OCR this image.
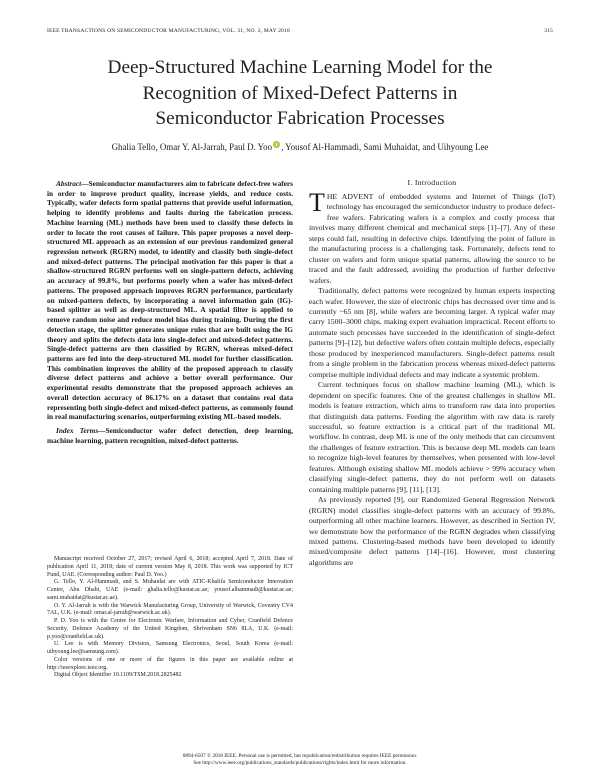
IEEE TRANSACTIONS ON SEMICONDUCTOR MANUFACTURING, VOL. 31, NO. 2, MAY 2018	315
Deep-Structured Machine Learning Model for the
Recognition of Mixed-Defect Patterns in
Semiconductor Fabrication Processes
Ghalia Tello, Omar Y. Al-Jarrah, Paul D. Yoo , Yousof Al-Hammadi, Sami Muhaidat, and Uihyoung Lee

Abstract—Semiconductor manufacturers aim to fabricate defect-free wafers in order to improve product quality, increase yields, and reduce costs. Typically, wafer defects form spatial patterns that provide useful information, helping to identify problems and faults during the fabrication process. Machine learning (ML) methods have been used to classify these defects in order to locate the root causes of failure. This paper proposes a novel deep-structured ML approach as an extension of our previous randomized general regression network (RGRN) model, to identify and classify both single-defect and mixed-defect patterns. The principal motivation for this paper is that a shallow-structured RGRN performs well on single-pattern defects, achieving an accuracy of 99.8%, but performs poorly when a wafer has mixed-defect patterns. The proposed approach improves RGRN performance, particularly on mixed-pattern defects, by incorporating a novel information gain (IG)-based splitter as well as deep-structured ML. A spatial filter is applied to remove random noise and reduce model bias during training. During the first detection stage, the splitter generates unique rules that are built using the IG theory and splits the defects data into single-defect and mixed-defect patterns. Single-defect patterns are then classified by RGRN, whereas mixed-defect patterns are fed into the deep-structured ML model for further classification. This combination improves the ability of the proposed approach to classify diverse defect patterns and achieve a better overall performance. Our experimental results demonstrate that the proposed approach achieves an overall detection accuracy of 86.17% on a dataset that contains real data representing both single-defect and mixed-defect patterns, as commonly found in real manufacturing scenarios, outperforming existing ML-based models.

Index Terms—Semiconductor wafer defect detection, deep learning, machine learning, pattern recognition, mixed-defect patterns.

Manuscript received October 27, 2017; revised April 6, 2018; accepted April 7, 2018. Date of publication April 11, 2018; date of current version May 8, 2018. This work was supported by ICT Fund, UAE. (Corresponding author: Paul D. Yoo.)

G. Tello, Y. Al-Hammadi, and S. Muhaidat are with ATIC-Khalifa Semiconductor Innovation Centre, Abu Dhabi, UAE (e-mail: ghalia.tello@kustar.ac.ae; yousof.alhammadi@kustar.ac.ae; sami.muhaidat@kustar.ac.ae).

O. Y. Al-Jarrah is with the Warwick Manufacturing Group, University of Warwick, Coventry CV4 7AL, U.K. (e-mail: omar.al-jarrah@warwick.ac.uk).

P. D. Yoo is with the Centre for Electronic Warfare, Information and Cyber, Cranfield Defence Security, Defence Academy of the United Kingdom, Shrivenham SN6 8LA, U.K. (e-mail: p.yoo@cranfield.ac.uk).

U. Lee is with Memory Division, Samsung Electronics, Seoul, South Korea (e-mail: uihyoung.lee@samsung.com).

Color versions of one or more of the figures in this paper are available online at http://ieeexplore.ieee.org.

Digital Object Identifier 10.1109/TSM.2018.2825482

I. Introduction

THE ADVENT of embedded systems and Internet of Things (IoT) technology has encouraged the semiconductor industry to produce defect-free wafers. Fabricating wafers is a complex and costly process that involves many different chemical and mechanical steps [1]–[7]. Any of these steps could fail, resulting in defective chips. Identifying the point of failure in the manufacturing process is a challenging task. Fortunately, defects tend to cluster on wafers and form unique spatial patterns, allowing the source to be traced and the fault addressed, avoiding the production of further defective wafers.

Traditionally, defect patterns were recognized by human experts inspecting each wafer. However, the size of electronic chips has decreased over time and is currently ~65 nm [8], while wafers are becoming larger. A typical wafer may carry 1500–3000 chips, making expert evaluation impractical. Recent efforts to automate such processes have succeeded in the identification of single-defect patterns [9]–[12], but defective wafers often contain multiple defects, especially those produced by inexperienced manufacturers. Single-defect patterns result from a single problem in the fabrication process whereas mixed-defect patterns comprise multiple individual defects and may indicate a systemic problem.

Current techniques focus on shallow machine learning (ML), which is dependent on specific features. One of the greatest challenges in shallow ML models is feature extraction, which aims to transform raw data into properties that distinguish data patterns. Feeding the algorithm with raw data is rarely successful, so feature extraction is a critical part of the traditional ML workflow. In contrast, deep ML is one of the only methods that can circumvent the challenges of feature extraction. This is because deep ML models can learn to recognize high-level features by themselves, when presented with low-level features. Although existing shallow ML models achieve > 99% accuracy when classifying single-defect patterns, they do not perform well on datasets containing multiple patterns [9], [11], [13].

As previously reported [9], our Randomized General Regression Network (RGRN) model classifies single-defect patterns with an accuracy of 99.8%, outperforming all other machine learners. However, as described in Section IV, we demonstrate how the performance of the RGRN degrades when classifying mixed patterns. Clustering-based methods have been developed to identify mixed/composite defect patterns [14]–[16]. However, most clustering algorithms are

0894-6507 © 2018 IEEE. Personal use is permitted, but republication/redistribution requires IEEE permission.
See http://www.ieee.org/publications_standards/publications/rights/index.html for more information.
